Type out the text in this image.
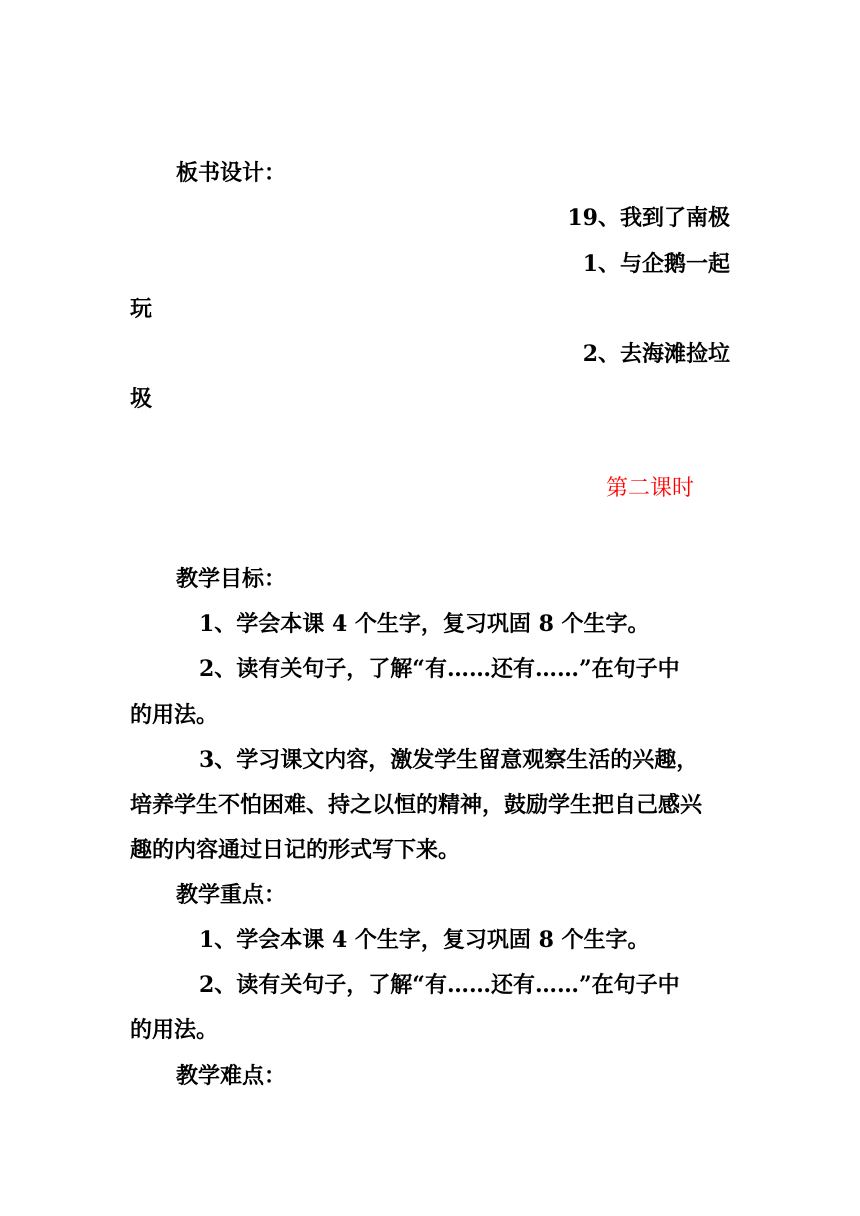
板书设计：
19、我到了南极
1、与企鹅一起
玩
2、去海滩捡垃
圾
第二课时
教学目标：
1、学会本课 4 个生字，复习巩固 8 个生字。
2、读有关句子，了解“有……还有……”在句子中
的用法。
3、学习课文内容，激发学生留意观察生活的兴趣，
培养学生不怕困难、持之以恒的精神，鼓励学生把自己感兴
趣的内容通过日记的形式写下来。
教学重点：
1、学会本课 4 个生字，复习巩固 8 个生字。
2、读有关句子，了解“有……还有……”在句子中
的用法。
教学难点：
